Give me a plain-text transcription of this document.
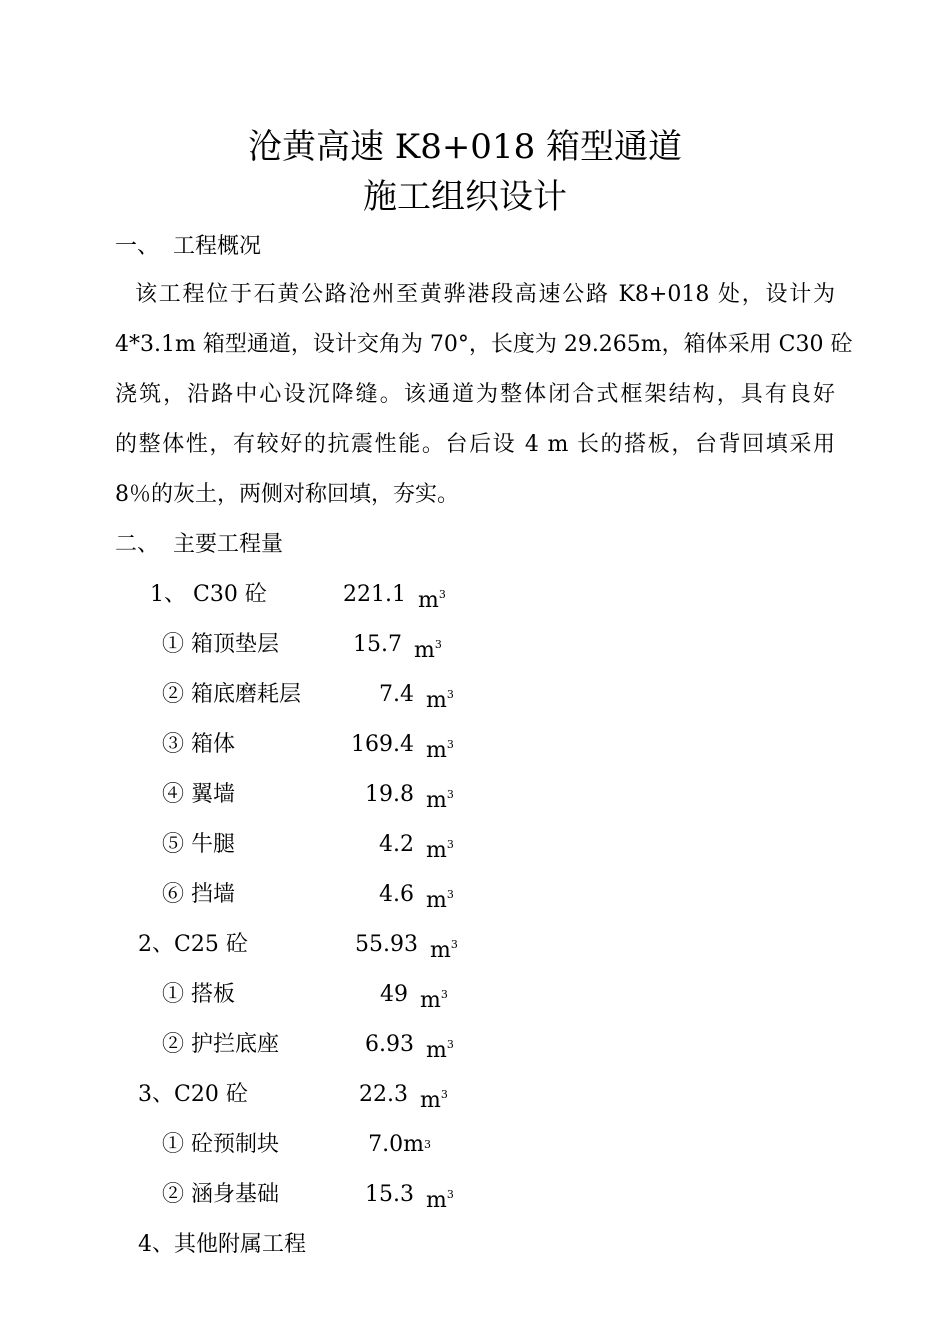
沧黄高速 K8+018 箱型通道
施工组织设计
一、 工程概况
该工程位于石黄公路沧州至黄骅港段高速公路 K8+018 处，设计为
4*3.1m 箱型通道，设计交角为 70°，长度为 29.265m，箱体采用 C30 砼
浇筑，沿路中心设沉降缝。该通道为整体闭合式框架结构，具有良好
的整体性，有较好的抗震性能。台后设 4 m 长的搭板，台背回填采用
8％的灰土，两侧对称回填，夯实。
二、 主要工程量
1、 C30 砼	221.1 $m^3$
① 箱顶垫层	15.7 $m^3$
② 箱底磨耗层	7.4 $m^3$
③ 箱体	169.4 $m^3$
④ 翼墙	19.8 $m^3$
⑤ 牛腿	4.2 $m^3$
⑥ 挡墙	4.6 $m^3$
2、C25 砼	55.93 $m^3$
① 搭板	49 $m^3$
② 护拦底座	6.93 $m^3$
3、C20 砼	22.3 $m^3$
① 砼预制块	7.0m $^3$
② 涵身基础	15.3 $m^3$
4、其他附属工程
